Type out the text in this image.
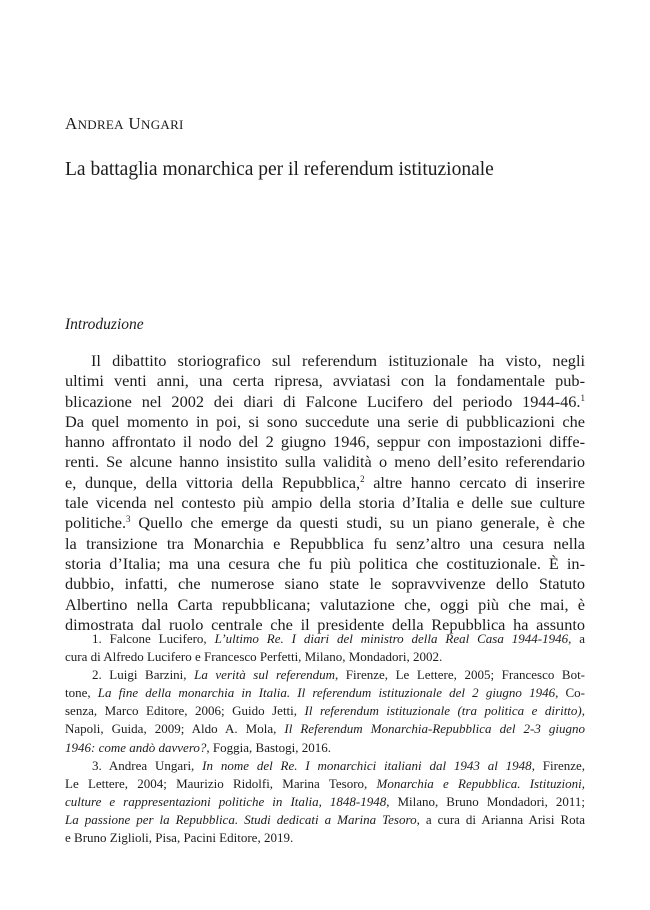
ANDREA UNGARI
La battaglia monarchica per il referendum istituzionale
Introduzione
Il dibattito storiografico sul referendum istituzionale ha visto, negli
ultimi venti anni, una certa ripresa, avviatasi con la fondamentale pub-
blicazione nel 2002 dei diari di Falcone Lucifero del periodo 1944-46.$^1$
Da quel momento in poi, si sono succedute una serie di pubblicazioni che
hanno affrontato il nodo del 2 giugno 1946, seppur con impostazioni diffe-
renti. Se alcune hanno insistito sulla validità o meno dell’esito referendario
e, dunque, della vittoria della Repubblica,$^2$ altre hanno cercato di inserire
tale vicenda nel contesto più ampio della storia d’Italia e delle sue culture
politiche.$^3$ Quello che emerge da questi studi, su un piano generale, è che
la transizione tra Monarchia e Repubblica fu senz’altro una cesura nella
storia d’Italia; ma una cesura che fu più politica che costituzionale. È in-
dubbio, infatti, che numerose siano state le sopravvivenze dello Statuto
Albertino nella Carta repubblicana; valutazione che, oggi più che mai, è
dimostrata dal ruolo centrale che il presidente della Repubblica ha assunto
1. Falcone Lucifero, L’ultimo Re. I diari del ministro della Real Casa 1944-1946, a
cura di Alfredo Lucifero e Francesco Perfetti, Milano, Mondadori, 2002.
2. Luigi Barzini, La verità sul referendum, Firenze, Le Lettere, 2005; Francesco Bot-
tone, La fine della monarchia in Italia. Il referendum istituzionale del 2 giugno 1946, Co-
senza, Marco Editore, 2006; Guido Jetti, Il referendum istituzionale (tra politica e diritto),
Napoli, Guida, 2009; Aldo A. Mola, Il Referendum Monarchia-Repubblica del 2-3 giugno
1946: come andò davvero?, Foggia, Bastogi, 2016.
3. Andrea Ungari, In nome del Re. I monarchici italiani dal 1943 al 1948, Firenze,
Le Lettere, 2004; Maurizio Ridolfi, Marina Tesoro, Monarchia e Repubblica. Istituzioni,
culture e rappresentazioni politiche in Italia, 1848-1948, Milano, Bruno Mondadori, 2011;
La passione per la Repubblica. Studi dedicati a Marina Tesoro, a cura di Arianna Arisi Rota
e Bruno Ziglioli, Pisa, Pacini Editore, 2019.
